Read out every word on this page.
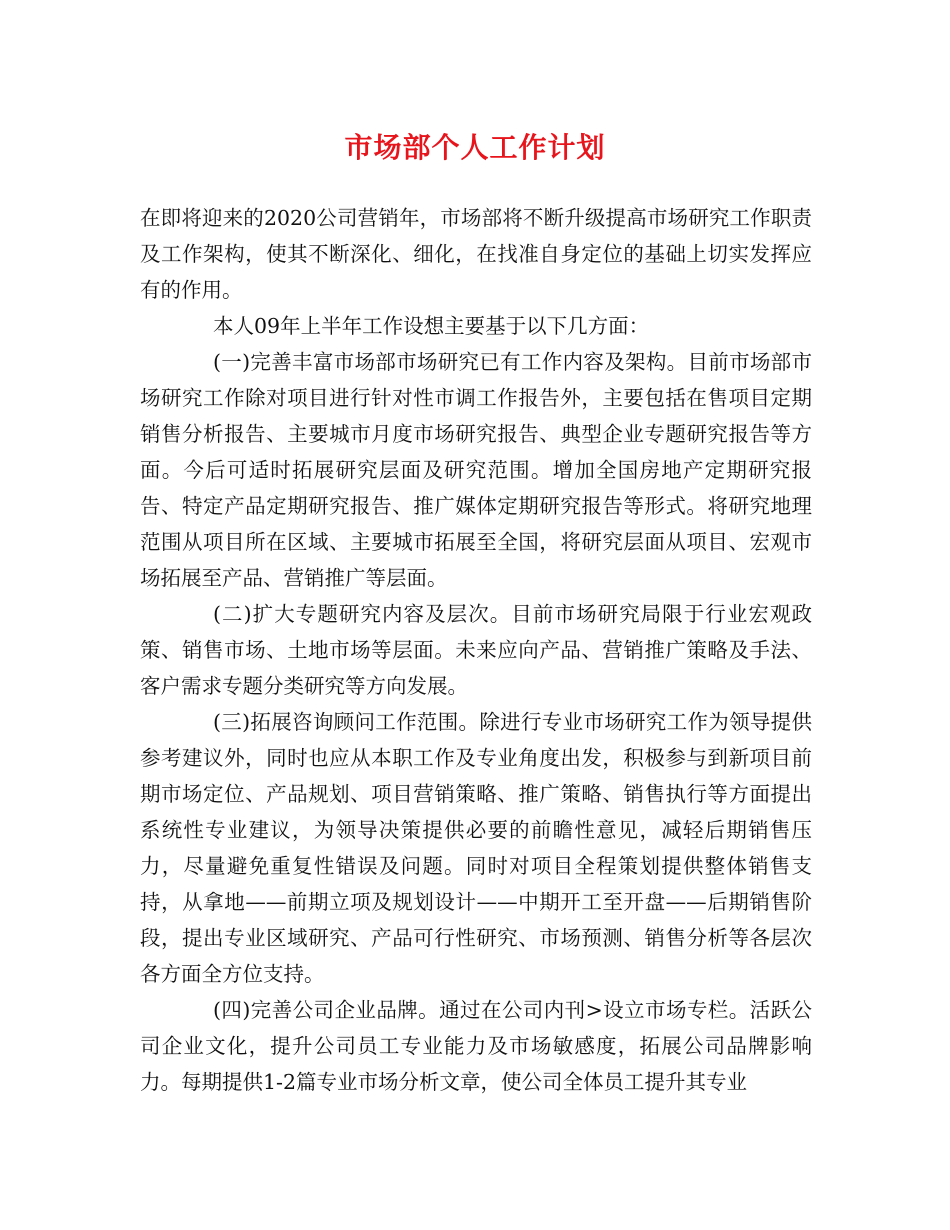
市场部个人工作计划

在即将迎来的2020公司营销年，市场部将不断升级提高市场研究工作职责及工作架构，使其不断深化、细化，在找准自身定位的基础上切实发挥应有的作用。

本人09年上半年工作设想主要基于以下几方面：

(一)完善丰富市场部市场研究已有工作内容及架构。目前市场部市场研究工作除对项目进行针对性市调工作报告外，主要包括在售项目定期销售分析报告、主要城市月度市场研究报告、典型企业专题研究报告等方面。今后可适时拓展研究层面及研究范围。增加全国房地产定期研究报告、特定产品定期研究报告、推广媒体定期研究报告等形式。将研究地理范围从项目所在区域、主要城市拓展至全国，将研究层面从项目、宏观市场拓展至产品、营销推广等层面。

(二)扩大专题研究内容及层次。目前市场研究局限于行业宏观政策、销售市场、土地市场等层面。未来应向产品、营销推广策略及手法、客户需求专题分类研究等方向发展。

(三)拓展咨询顾问工作范围。除进行专业市场研究工作为领导提供参考建议外，同时也应从本职工作及专业角度出发，积极参与到新项目前期市场定位、产品规划、项目营销策略、推广策略、销售执行等方面提出系统性专业建议，为领导决策提供必要的前瞻性意见，减轻后期销售压力，尽量避免重复性错误及问题。同时对项目全程策划提供整体销售支持，从拿地——前期立项及规划设计——中期开工至开盘——后期销售阶段，提出专业区域研究、产品可行性研究、市场预测、销售分析等各层次各方面全方位支持。

(四)完善公司企业品牌。通过在公司内刊>设立市场专栏。活跃公司企业文化，提升公司员工专业能力及市场敏感度，拓展公司品牌影响力。每期提供1-2篇专业市场分析文章，使公司全体员工提升其专业
